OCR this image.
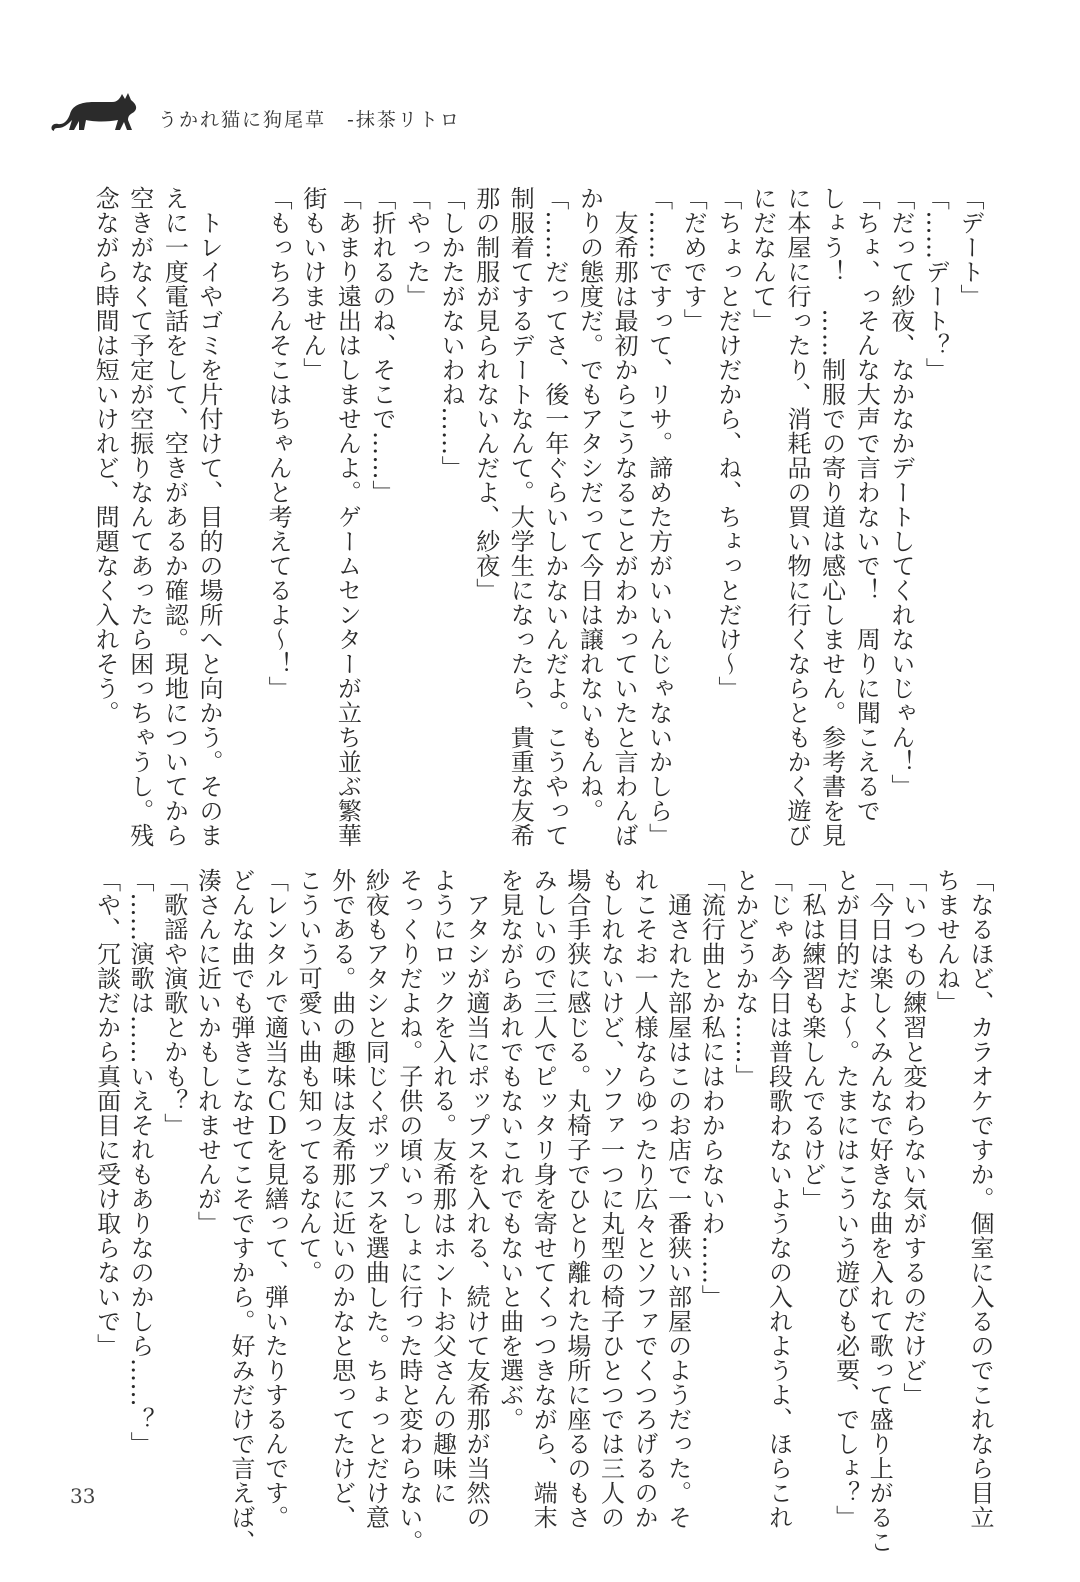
うかれ猫に狗尾草　-抹茶リトロ
「デート」
「……デート？」
「だって紗夜、なかなかデートしてくれないじゃん！」
「ちょ、っそんな大声で言わないで！　周りに聞こえるで
しょう！　……制服での寄り道は感心しません。参考書を見
に本屋に行ったり、消耗品の買い物に行くならともかく遊び
にだなんて」
「ちょっとだけだから、ね、ちょっとだけ～」
「だめです」
「……ですって、リサ。諦めた方がいいんじゃないかしら」
　友希那は最初からこうなることがわかっていたと言わんば
かりの態度だ。でもアタシだって今日は譲れないもんね。
「……だってさ、後一年ぐらいしかないんだよ。こうやって
制服着てするデートなんて。大学生になったら、貴重な友希
那の制服が見られないんだよ、紗夜」
「しかたがないわね……」
「やった」
「折れるのね、そこで……」
「あまり遠出はしませんよ。ゲームセンターが立ち並ぶ繁華
街もいけません」
「もっちろんそこはちゃんと考えてるよ～！」
　トレイやゴミを片付けて、目的の場所へと向かう。そのま
えに一度電話をして、空きがあるか確認。現地についてから
空きがなくて予定が空振りなんてあったら困っちゃうし。残
念ながら時間は短いけれど、問題なく入れそう。
「なるほど、カラオケですか。個室に入るのでこれなら目立
ちませんね」
「いつもの練習と変わらない気がするのだけど」
「今日は楽しくみんなで好きな曲を入れて歌って盛り上がるこ
とが目的だよ～。たまにはこういう遊びも必要、でしょ？」
「私は練習も楽しんでるけど」
「じゃあ今日は普段歌わないようなの入れようよ、ほらこれ
とかどうかな……」
「流行曲とか私にはわからないわ……」
　通された部屋はこのお店で一番狭い部屋のようだった。そ
れこそお一人様ならゆったり広々とソファでくつろげるのか
もしれないけど、ソファ一つに丸型の椅子ひとつでは三人の
場合手狭に感じる。丸椅子でひとり離れた場所に座るのもさ
みしいので三人でピッタリ身を寄せてくっつきながら、端末
を見ながらあれでもないこれでもないと曲を選ぶ。
　アタシが適当にポップスを入れる、続けて友希那が当然の
ようにロックを入れる。友希那はホントお父さんの趣味に
そっくりだよね。子供の頃いっしょに行った時と変わらない。
紗夜もアタシと同じくポップスを選曲した。ちょっとだけ意
外である。曲の趣味は友希那に近いのかなと思ってたけど、
こういう可愛い曲も知ってるなんて。
「レンタルで適当なＣＤを見繕って、弾いたりするんです。
どんな曲でも弾きこなせてこそですから。好みだけで言えば、
湊さんに近いかもしれませんが」
「歌謡や演歌とかも？」
「……演歌は……いえそれもありなのかしら……？」
「や、冗談だから真面目に受け取らないで」
33
